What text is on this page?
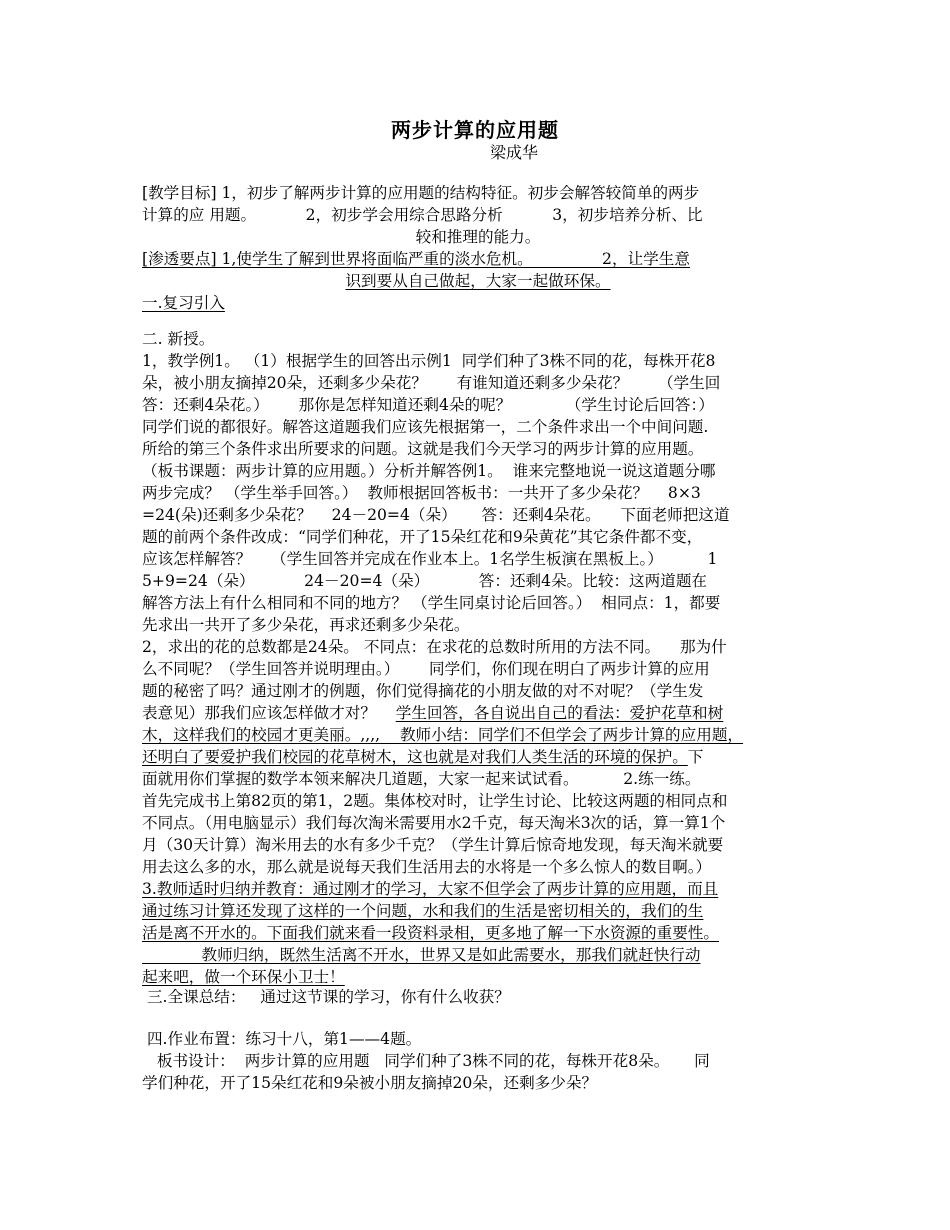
两步计算的应用题
梁成华
[教学目标] 1，初步了解两步计算的应用题的结构特征。初步会解答较简单的两步
计算的应 用题。          2，初步学会用综合思路分析          3，初步培养分析、比
较和推理的能力。
[渗透要点] 1,使学生了解到世界将面临严重的淡水危机。              2，让学生意
识到要从自己做起，大家一起做环保。
一.复习引入
二. 新授。
1，教学例1。 （1）根据学生的回答出示例1  同学们种了3株不同的花，每株开花8
朵，被小朋友摘掉20朵，还剩多少朵花？      有谁知道还剩多少朵花？      （学生回
答：还剩4朵花。）      那你是怎样知道还剩4朵的呢？           （学生讨论后回答：）
同学们说的都很好。解答这道题我们应该先根据第一，二个条件求出一个中间问题.
所给的第三个条件求出所要求的问题。这就是我们今天学习的两步计算的应用题。
（板书课题：两步计算的应用题。）分析并解答例1。  谁来完整地说一说这道题分哪
两步完成？ （学生举手回答。）  教师根据回答板书：一共开了多少朵花？    8×3
=24(朵)还剩多少朵花？    24－20=4（朵）     答：还剩4朵花。    下面老师把这道
题的前两个条件改成：“同学们种花，开了15朵红花和9朵黄花”其它条件都不变，
应该怎样解答？    （学生回答并完成在作业本上。1名学生板演在黑板上。）         1
5+9=24（朵）          24－20=4（朵）          答：还剩4朵。比较：这两道题在
解答方法上有什么相同和不同的地方？ （学生同桌讨论后回答。）  相同点：1，都要
先求出一共开了多少朵花，再求还剩多少朵花。
2，求出的花的总数都是24朵。 不同点：在求花的总数时所用的方法不同。    那为什
么不同呢？（学生回答并说明理由。）      同学们，你们现在明白了两步计算的应用
题的秘密了吗？通过刚才的例题，你们觉得摘花的小朋友做的对不对呢？（学生发
表意见）那我们应该怎样做才对？ 学生回答，各自说出自己的看法：爱护花草和树
木，这样我们的校园才更美丽。,,,,    教师小结：同学们不但学会了两步计算的应用题，
还明白了要爱护我们校园的花草树木，这也就是对我们人类生活的环境的保护。下
面就用你们掌握的数学本领来解决几道题，大家一起来试试看。         2.练一练。
首先完成书上第82页的第1，2题。集体校对时，让学生讨论、比较这两题的相同点和
不同点。（用电脑显示）我们每次淘米需要用水2千克，每天淘米3次的话，算一算1个
月（30天计算）淘米用去的水有多少千克？（学生计算后惊奇地发现，每天淘米就要
用去这么多的水，那么就是说每天我们生活用去的水将是一个多么惊人的数目啊。）
3.教师适时归纳并教育：通过刚才的学习，大家不但学会了两步计算的应用题，而且
通过练习计算还发现了这样的一个问题，水和我们的生活是密切相关的，我们的生
活是离不开水的。下面我们就来看一段资料录相，更多地了解一下水资源的重要性。
教师归纳，既然生活离不开水，世界又是如此需要水，那我们就赶快行动
起来吧，做一个环保小卫士！
三.全课总结：   通过这节课的学习，你有什么收获？
四.作业布置：练习十八，第1——4题。
板书设计：  两步计算的应用题   同学们种了3株不同的花，每株开花8朵。     同
学们种花，开了15朵红花和9朵被小朋友摘掉20朵，还剩多少朵？
